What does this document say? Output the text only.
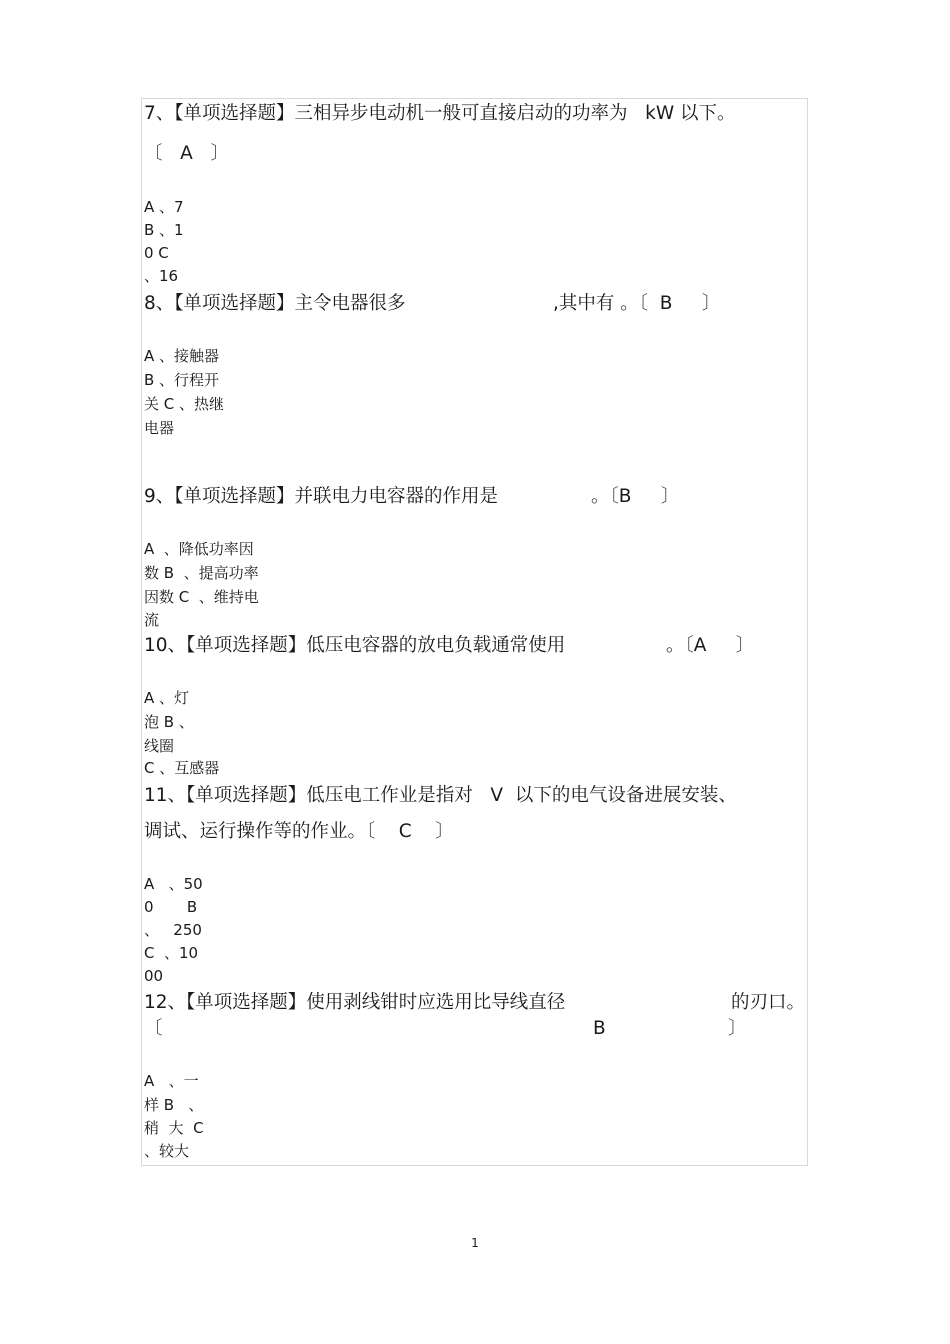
7、【单项选择题】三相异步电动机一般可直接启动的功率为   kW 以下。
〔   A   〕
A 、7
B 、1
0 C
、16
8、【单项选择题】主令电器很多	,其中有 。〔  B     〕
A 、接触器
B 、行程开
关 C 、热继
电器
9、【单项选择题】并联电力电容器的作用是	。〔B     〕
A  、降低功率因
数 B  、提高功率
因数 C  、维持电
流
10、【单项选择题】低压电容器的放电负载通常使用	。〔A     〕
A 、灯
泡 B 、
线圈
C 、互感器
11、【单项选择题】低压电工作业是指对   V  以下的电气设备进展安装、
调试、运行操作等的作业。〔    C    〕
A   、50
0       B
、   250
C  、10
00
12、【单项选择题】使用剥线钳时应选用比导线直径	的刃口。
〔	B	〕
A   、一
样 B   、
稍  大  C
、较大
1
